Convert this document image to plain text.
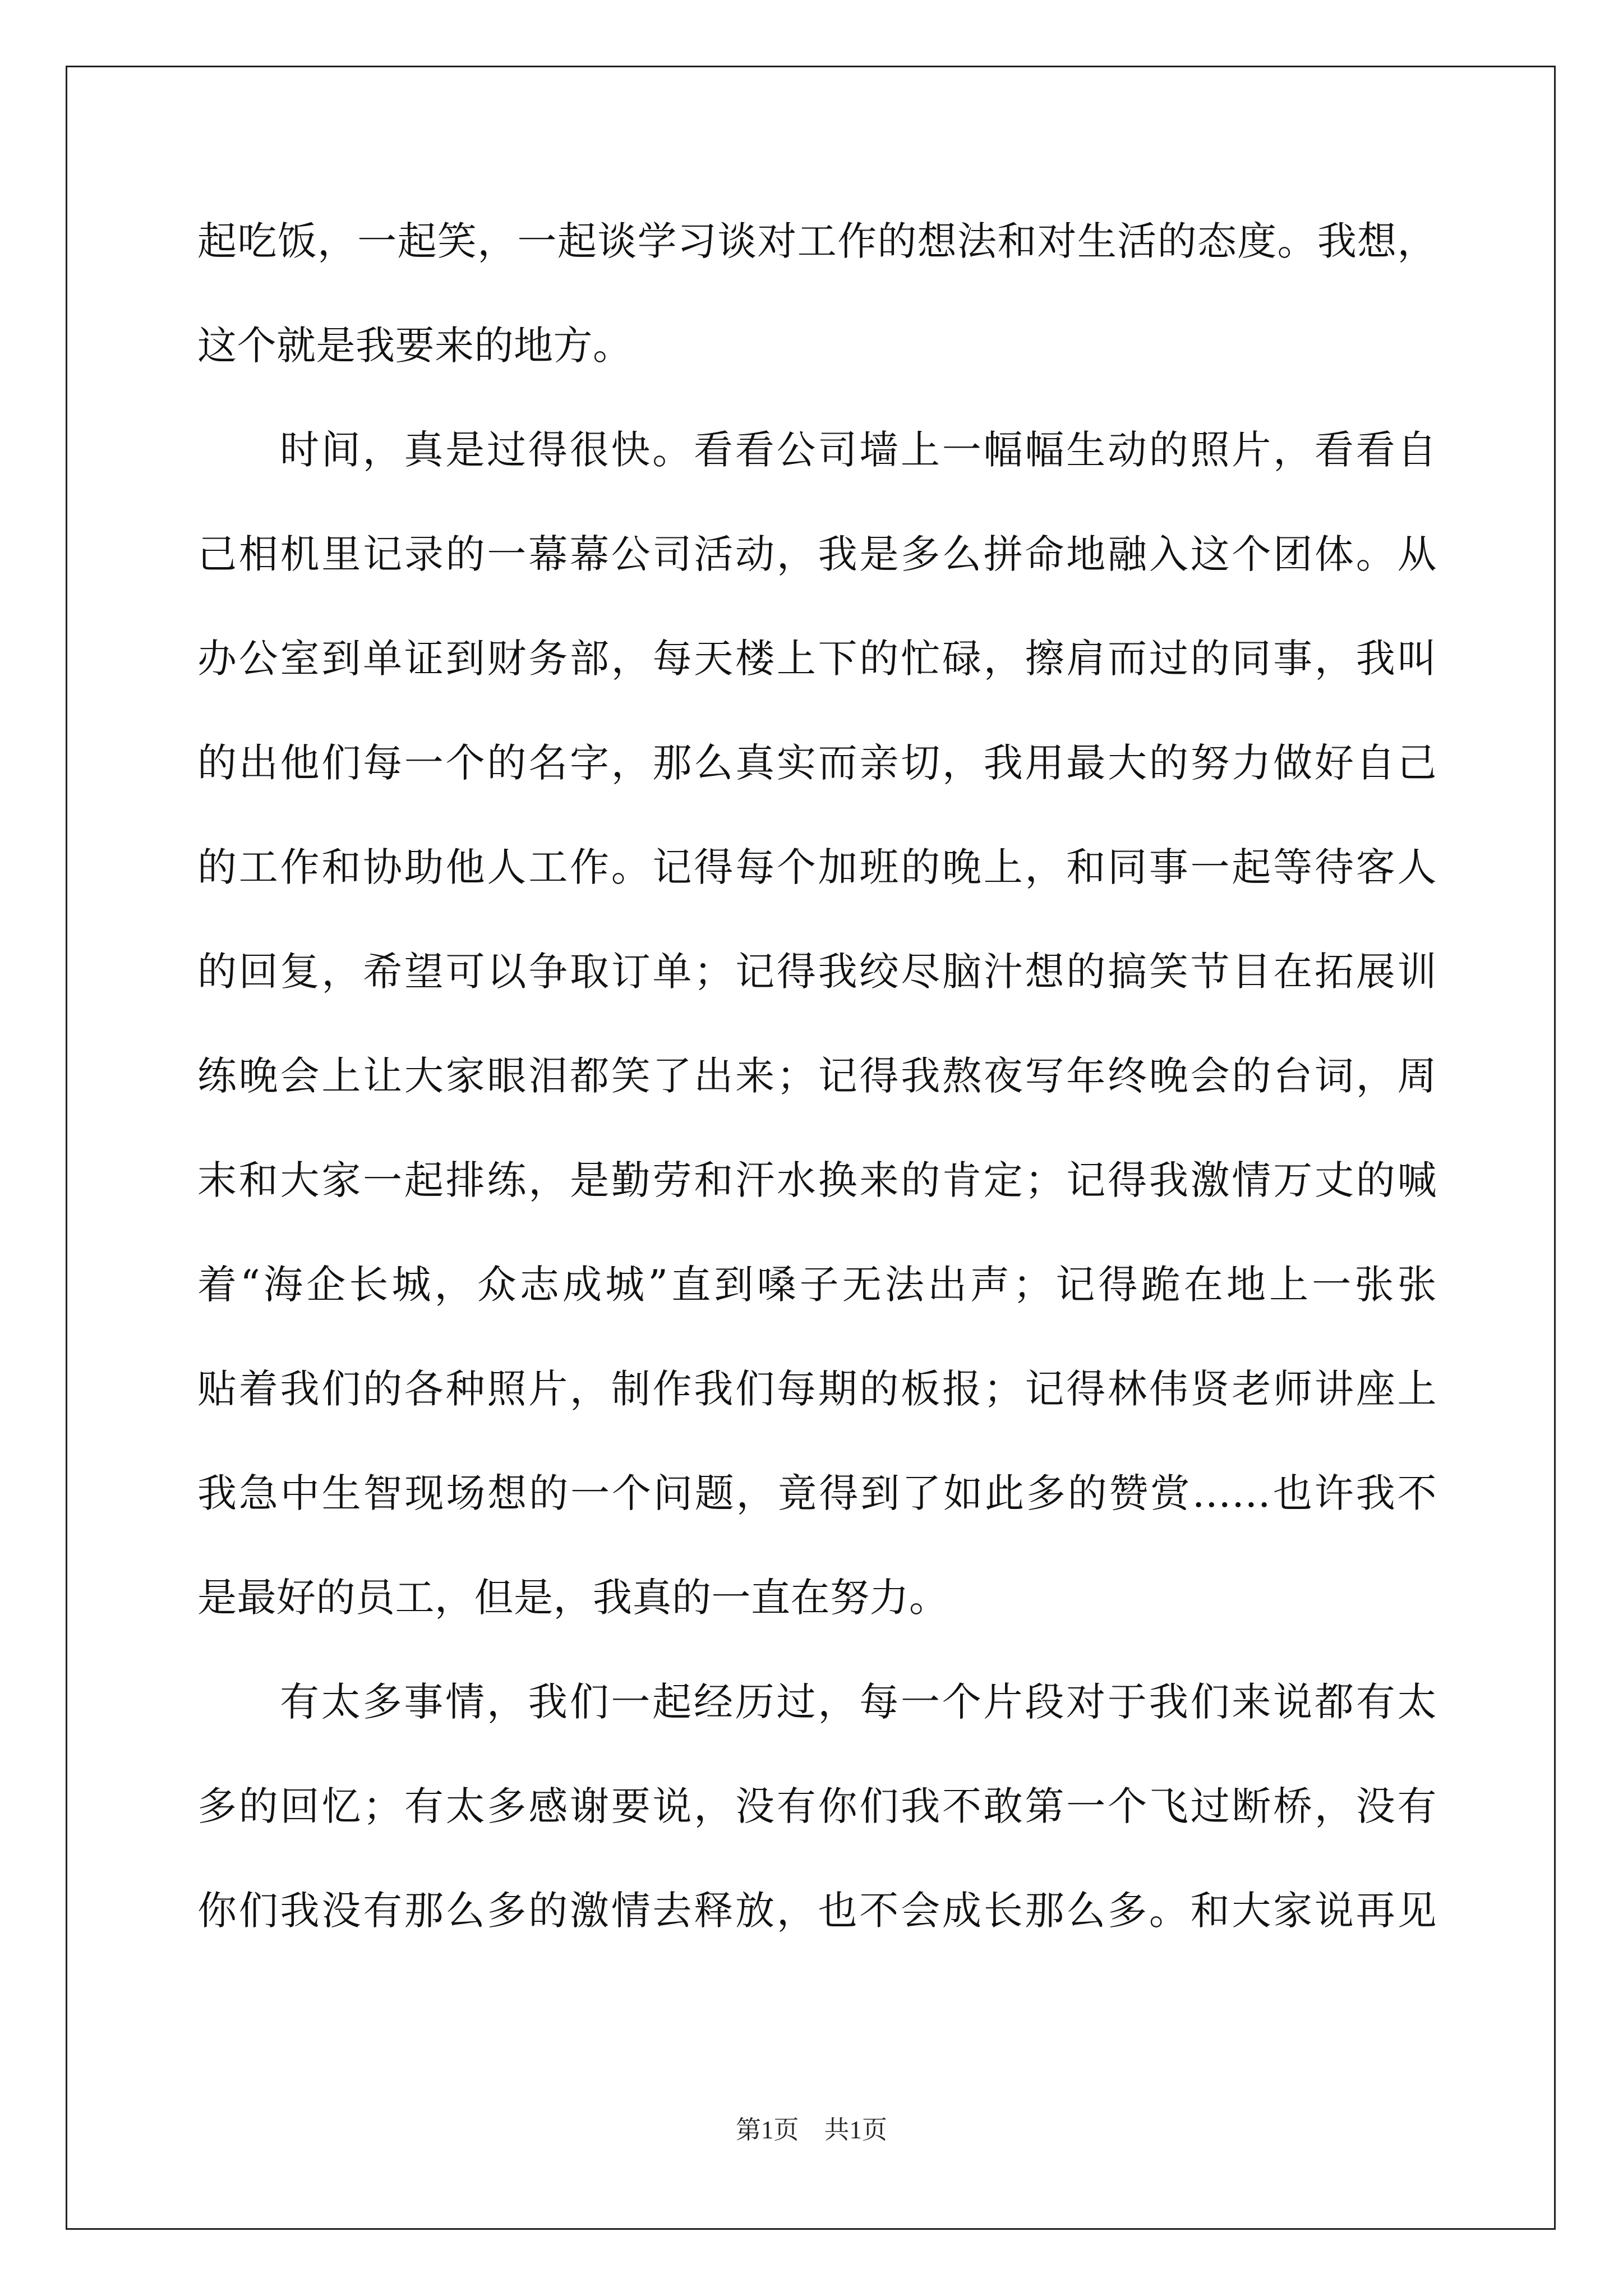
起吃饭，一起笑，一起谈学习谈对工作的想法和对生活的态度。我想，
这个就是我要来的地方。
时间，真是过得很快。看看公司墙上一幅幅生动的照片，看看自
己相机里记录的一幕幕公司活动，我是多么拼命地融入这个团体。从
办公室到单证到财务部，每天楼上下的忙碌，擦肩而过的同事，我叫
的出他们每一个的名字，那么真实而亲切，我用最大的努力做好自己
的工作和协助他人工作。记得每个加班的晚上，和同事一起等待客人
的回复，希望可以争取订单；记得我绞尽脑汁想的搞笑节目在拓展训
练晚会上让大家眼泪都笑了出来；记得我熬夜写年终晚会的台词，周
末和大家一起排练，是勤劳和汗水换来的肯定；记得我激情万丈的喊
着“海企长城，众志成城”直到嗓子无法出声；记得跪在地上一张张
贴着我们的各种照片，制作我们每期的板报；记得林伟贤老师讲座上
我急中生智现场想的一个问题，竟得到了如此多的赞赏……也许我不
是最好的员工，但是，我真的一直在努力。
有太多事情，我们一起经历过，每一个片段对于我们来说都有太
多的回忆；有太多感谢要说，没有你们我不敢第一个飞过断桥，没有
你们我没有那么多的激情去释放，也不会成长那么多。和大家说再见
第1页　共1页
